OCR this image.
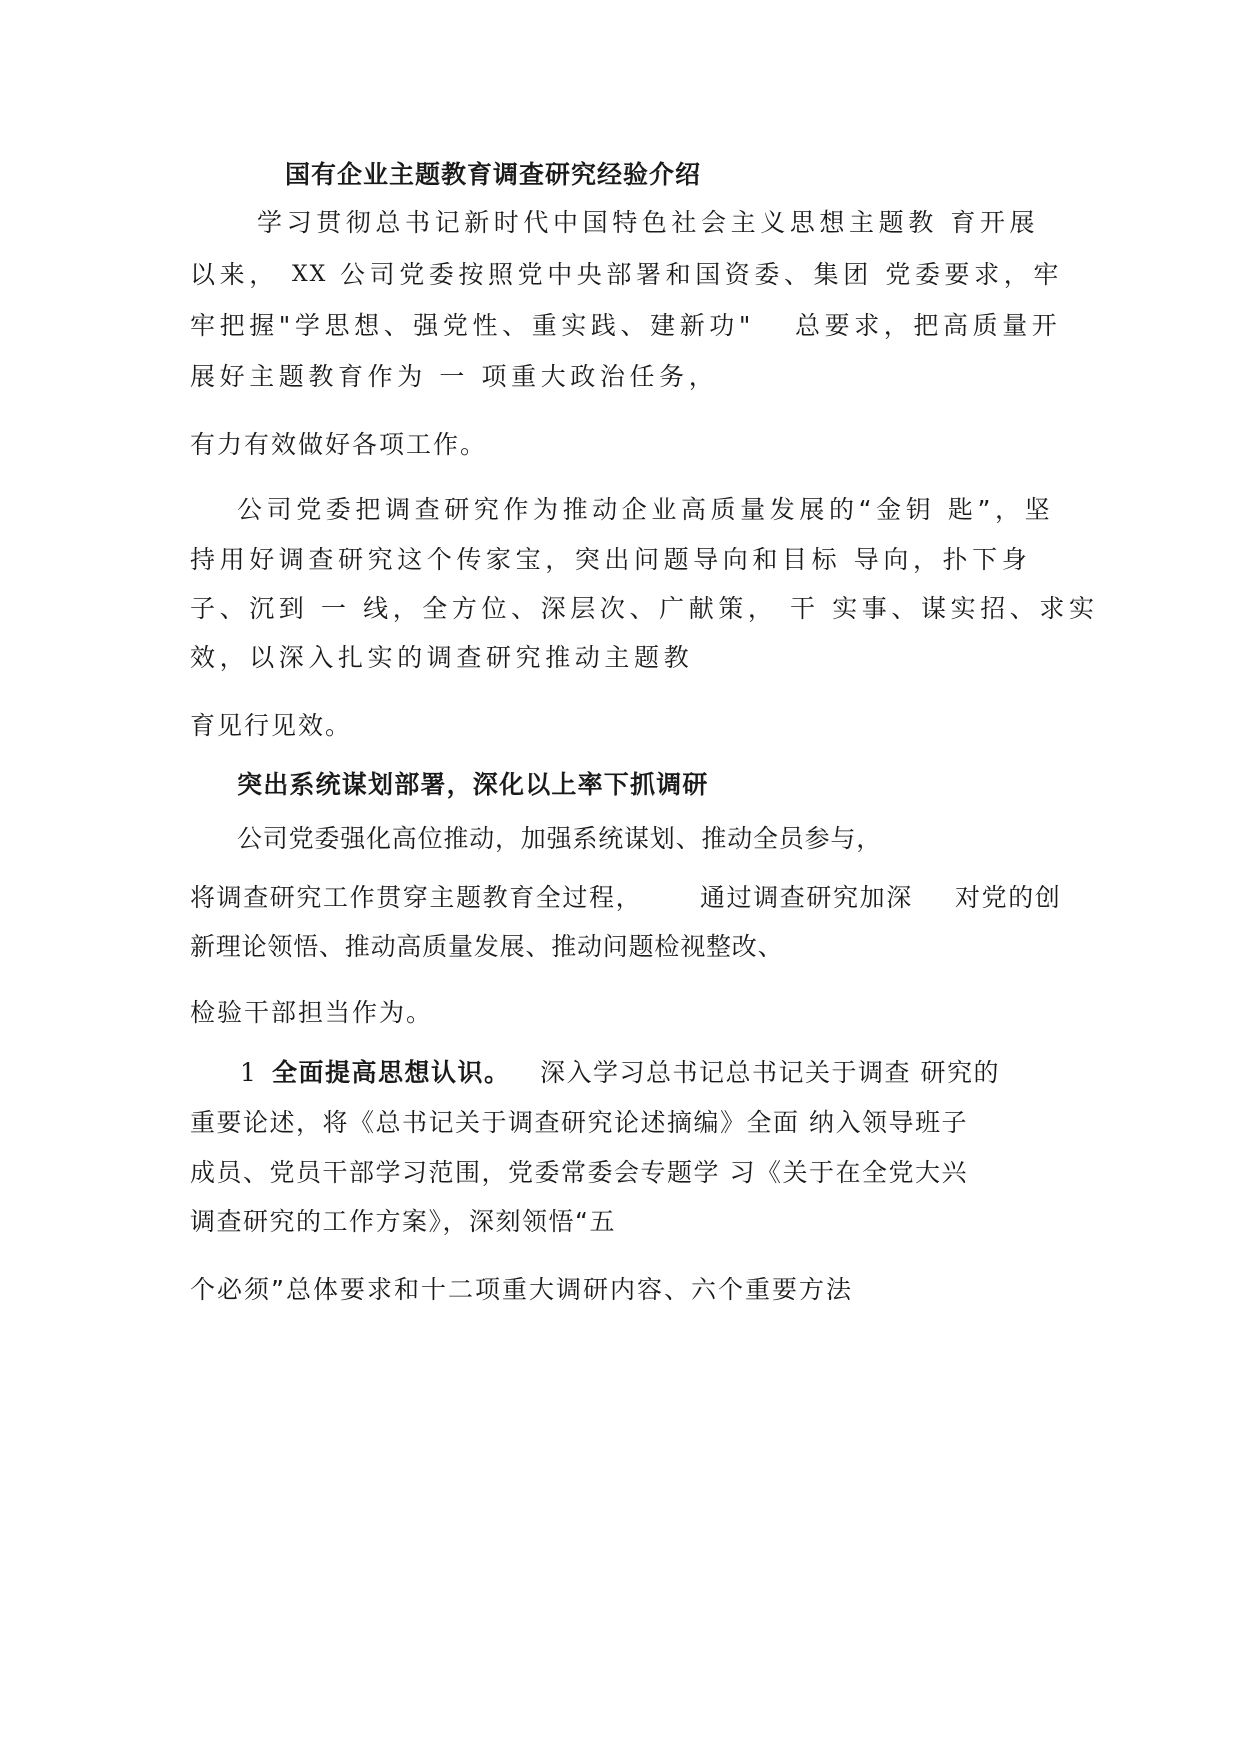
国有企业主题教育调查研究经验介绍
学习贯彻总书记新时代中国特色社会主义思想主题教 育开展
以来， XX 公司党委按照党中央部署和国资委、集团 党委要求，牢
牢把握"学思想、强党性、重实践、建新功" 总要求，把高质量开
展好主题教育作为 一 项重大政治任务，
有力有效做好各项工作。
公司党委把调查研究作为推动企业高质量发展的“金钥 匙”，坚
持用好调查研究这个传家宝，突出问题导向和目标 导向，扑下身
子、沉到 一 线，全方位、深层次、广献策， 干 实事、谋实招、求实
效，以深入扎实的调查研究推动主题教
育见行见效。
突出系统谋划部署，深化以上率下抓调研
公司党委强化高位推动，加强系统谋划、推动全员参与，
将调查研究工作贯穿主题教育全过程， 通过调查研究加深 对党的创
新理论领悟、推动高质量发展、推动问题检视整改、
检验干部担当作为。
1 全面提高思想认识。 深入学习总书记总书记关于调查 研究的
重要论述，将《总书记关于调查研究论述摘编》全面 纳入领导班子
成员、党员干部学习范围，党委常委会专题学 习《关于在全党大兴
调查研究的工作方案》，深刻领悟“五
个必须”总体要求和十二项重大调研内容、六个重要方法
